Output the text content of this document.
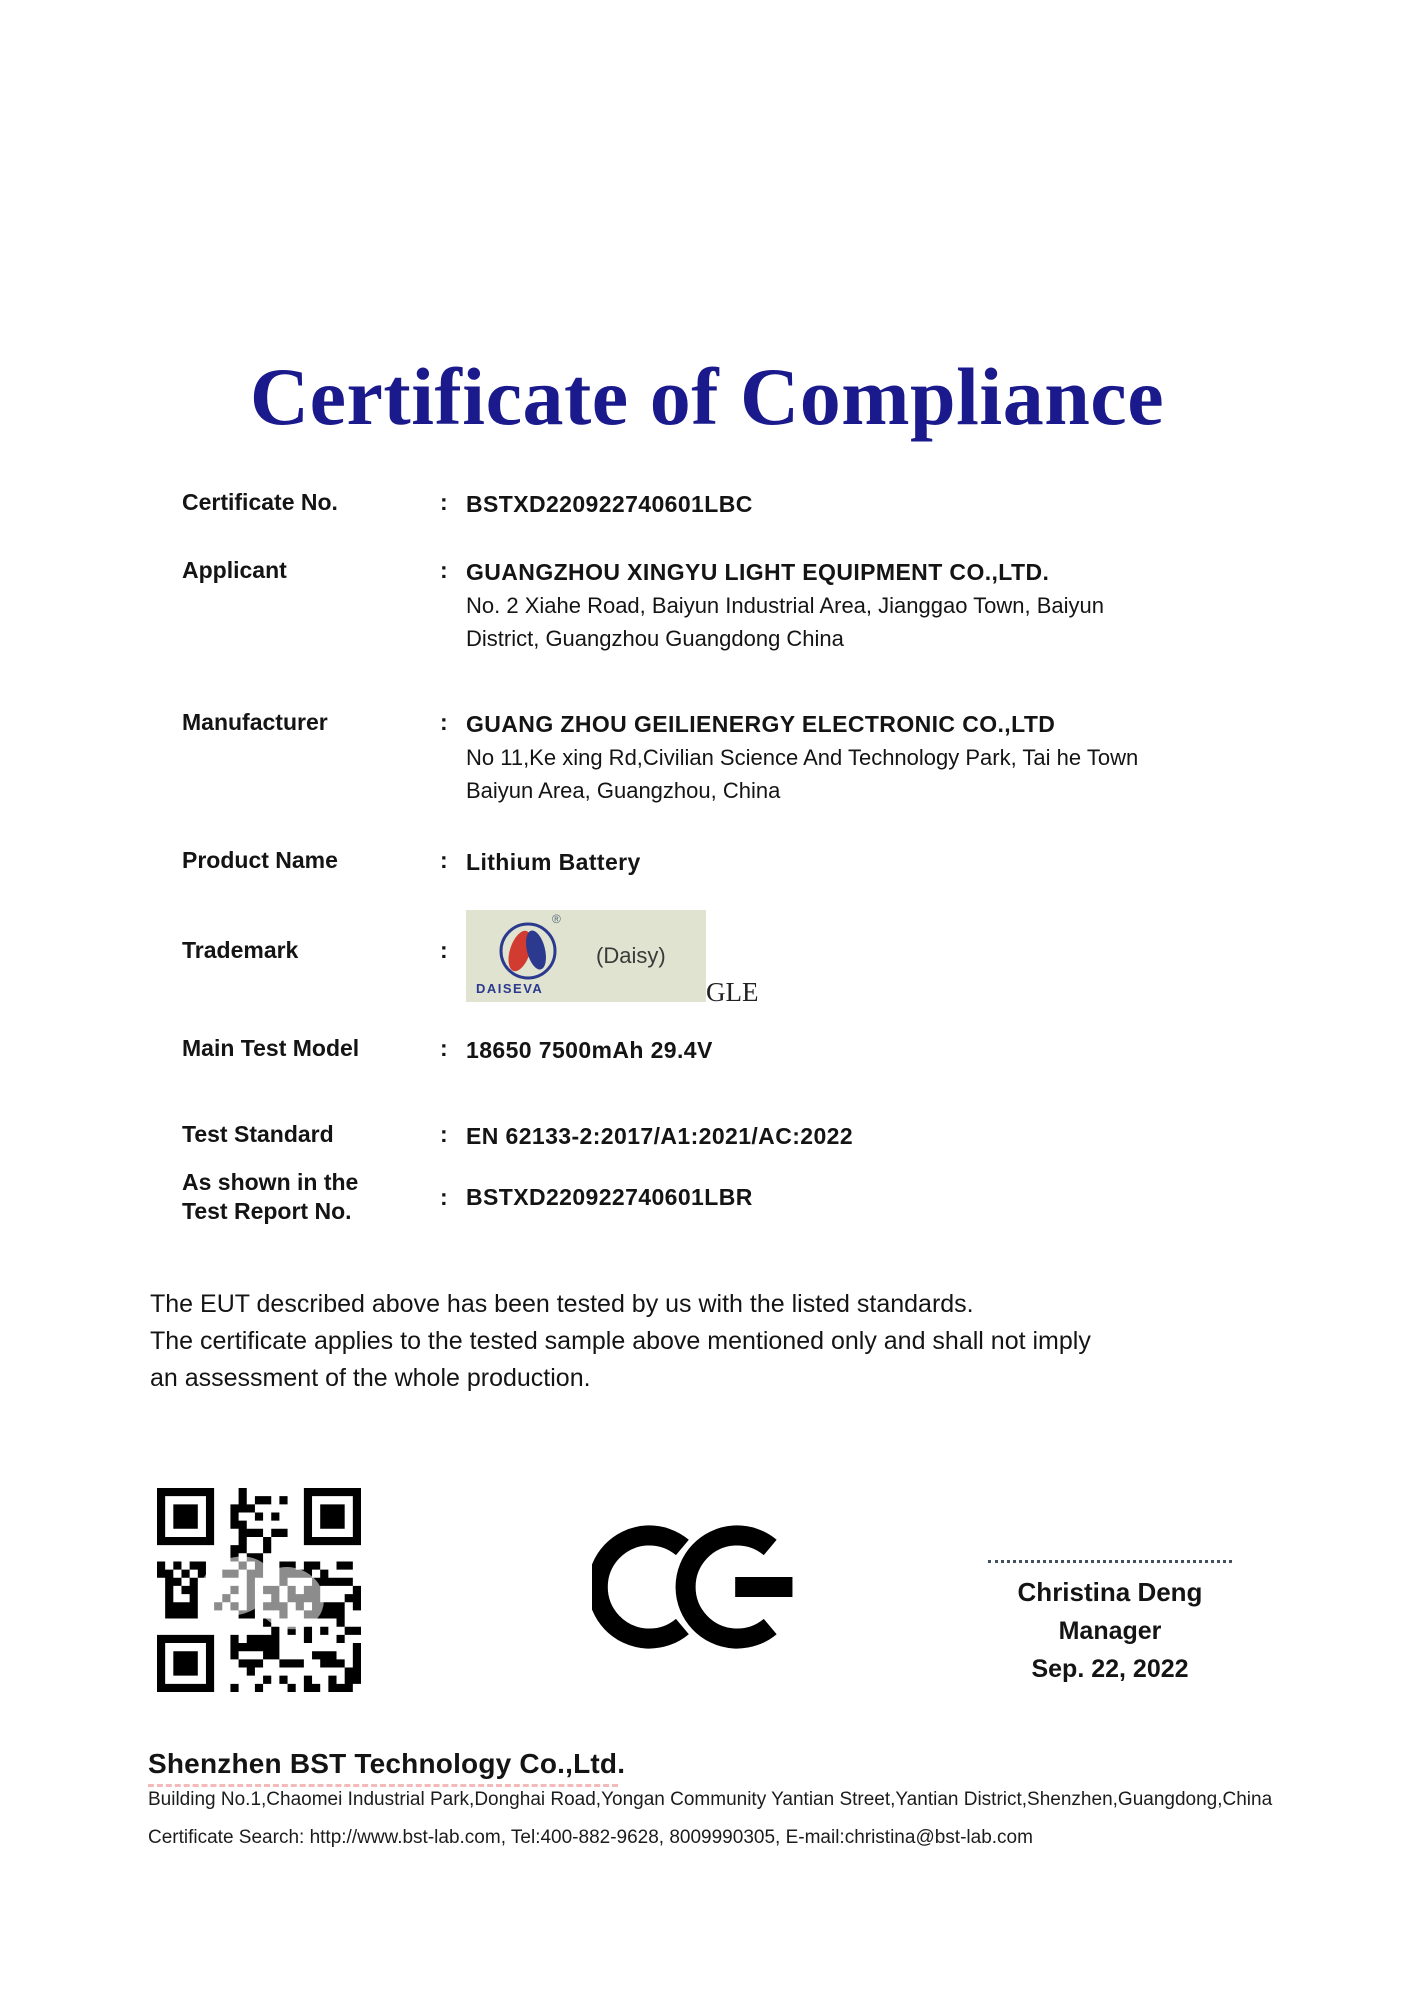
Certificate of Compliance
Certificate No.	: BSTXD220922740601LBC
Applicant	: GUANGZHOU XINGYU LIGHT EQUIPMENT CO.,LTD.
No. 2 Xiahe Road, Baiyun Industrial Area, Jianggao Town, Baiyun
District, Guangzhou Guangdong China
Manufacturer	: GUANG ZHOU GEILIENERGY ELECTRONIC CO.,LTD
No 11,Ke xing Rd,Civilian Science And Technology Park, Tai he Town
Baiyun Area, Guangzhou, China
Product Name	: Lithium Battery
Trademark	:
®
DAISEVA
(Daisy)
GLE
Main Test Model	: 18650 7500mAh 29.4V
Test Standard	: EN 62133-2:2017/A1:2021/AC:2022
As shown in the
Test Report No.
: BSTXD220922740601LBR
The EUT described above has been tested by us with the listed standards.
The certificate applies to the tested sample above mentioned only and shall not imply
an assessment of the whole production.
Christina Deng
Manager
Sep. 22, 2022
Shenzhen BST Technology Co.,Ltd.
Building No.1,Chaomei Industrial Park,Donghai Road,Yongan Community Yantian Street,Yantian District,Shenzhen,Guangdong,China
Certificate Search: http://www.bst-lab.com, Tel:400-882-9628, 8009990305, E-mail:christina@bst-lab.com
